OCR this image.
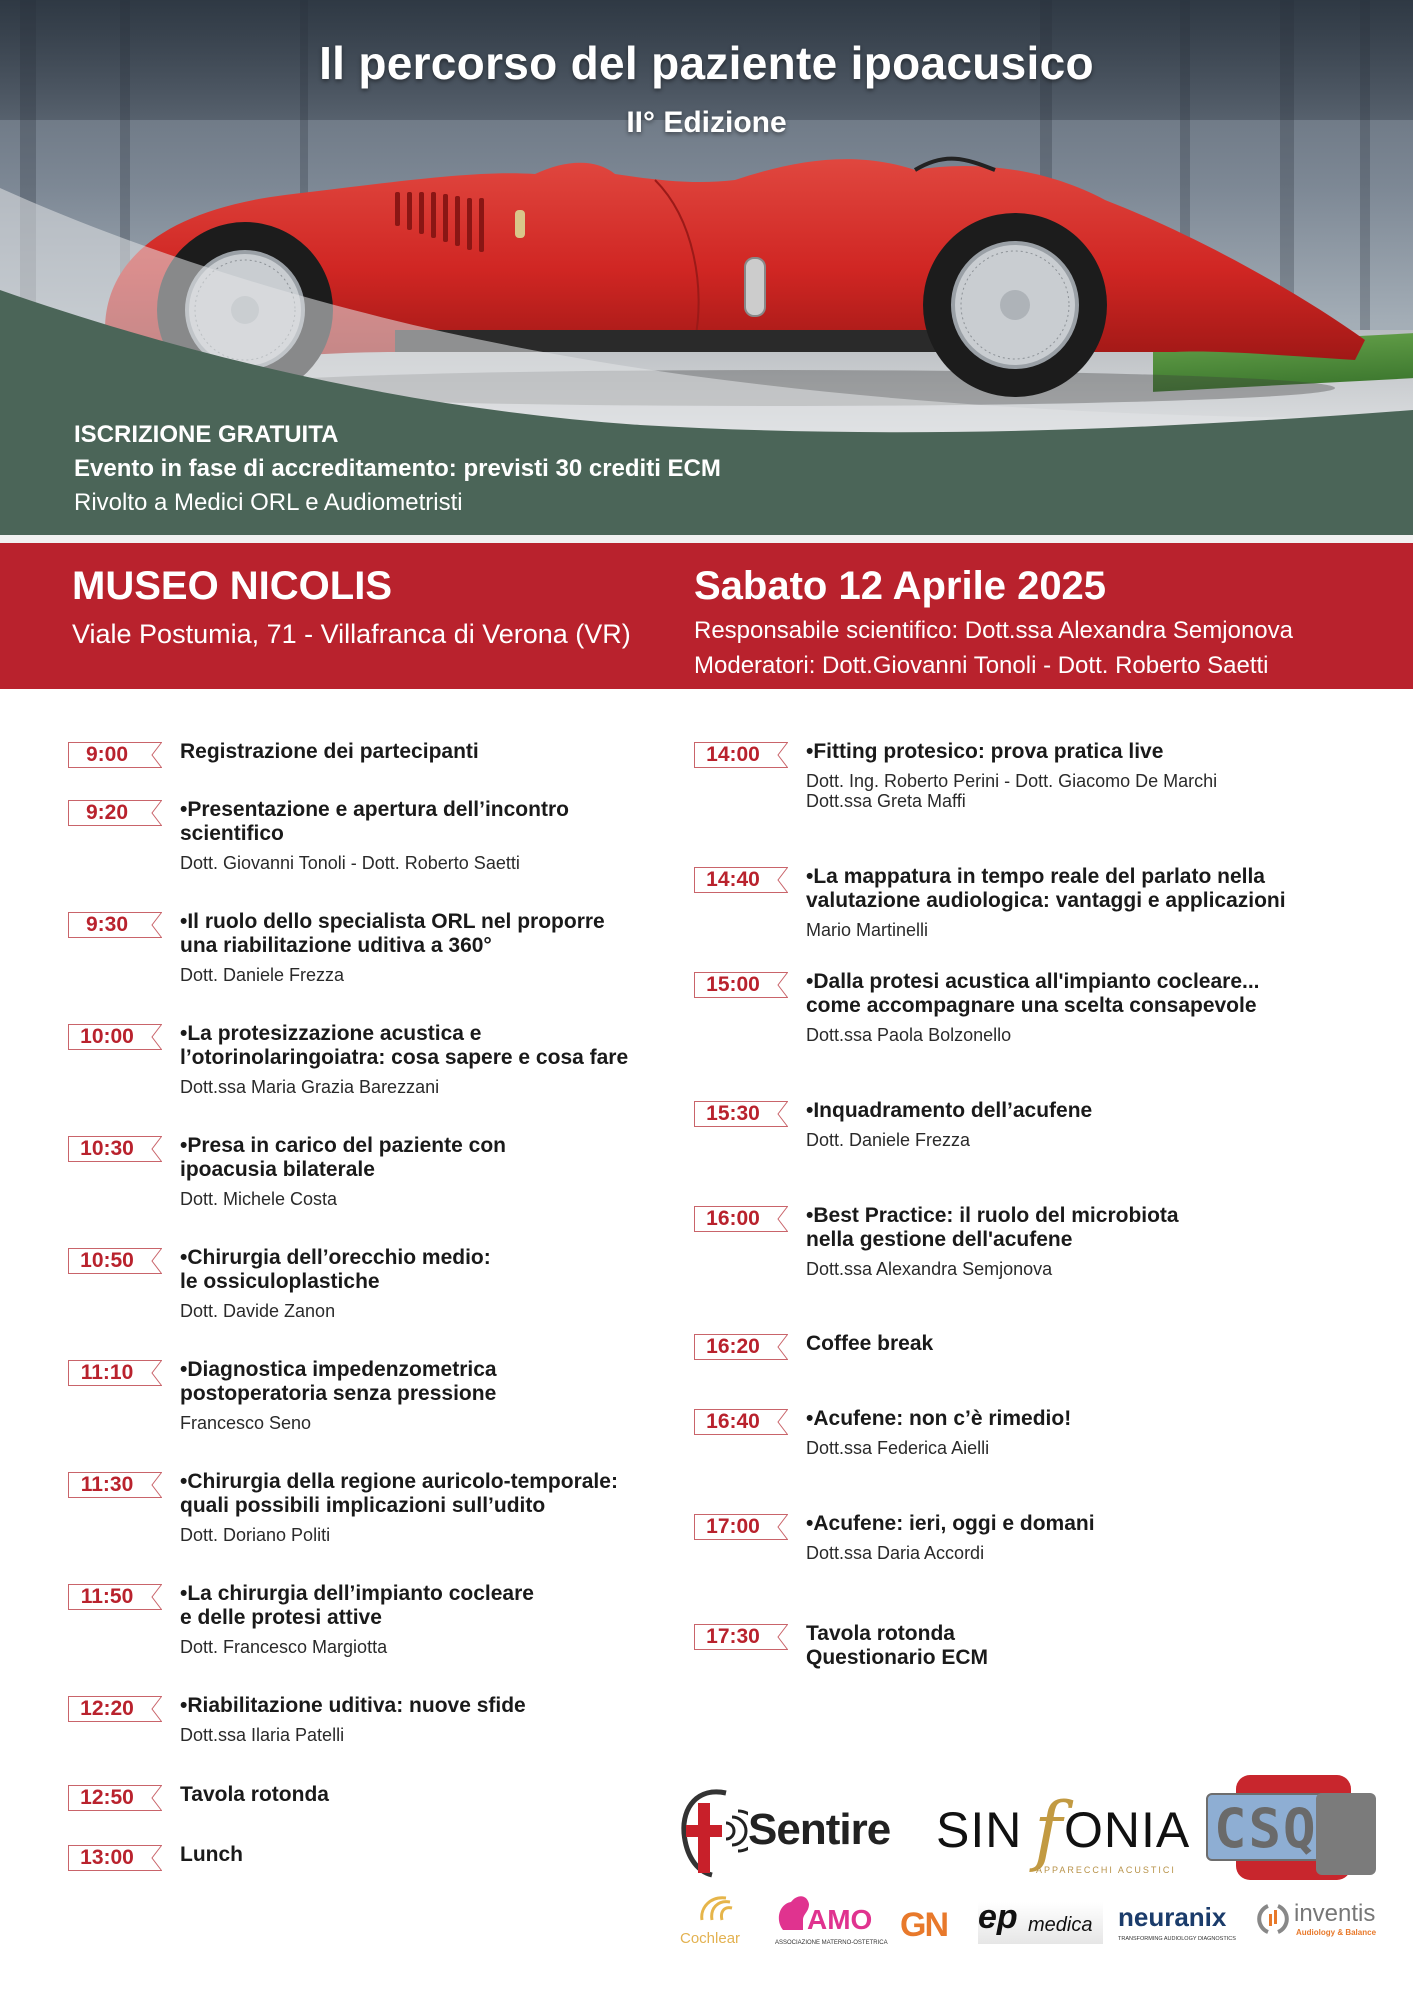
Il percorso del paziente ipoacusico
II° Edizione
ISCRIZIONE GRATUITA
Evento in fase di accreditamento: previsti 30 crediti ECM
Rivolto a Medici ORL e Audiometristi
MUSEO NICOLIS
Viale Postumia, 71 - Villafranca di Verona (VR)
Sabato 12 Aprile 2025
Responsabile scientifico: Dott.ssa Alexandra Semjonova
Moderatori: Dott.Giovanni Tonoli - Dott. Roberto Saetti
9:00	Registrazione dei partecipanti
9:20	•Presentazione e apertura dell’incontro
scientifico
Dott. Giovanni Tonoli - Dott. Roberto Saetti
9:30	•Il ruolo dello specialista ORL nel proporre
una riabilitazione uditiva a 360°
Dott. Daniele Frezza
10:00	•La protesizzazione acustica e
l’otorinolaringoiatra: cosa sapere e cosa fare
Dott.ssa Maria Grazia Barezzani
10:30	•Presa in carico del paziente con
ipoacusia bilaterale
Dott. Michele Costa
10:50	•Chirurgia dell’orecchio medio:
le ossiculoplastiche
Dott. Davide Zanon
11:10	•Diagnostica impedenzometrica
postoperatoria senza pressione
Francesco Seno
11:30	•Chirurgia della regione auricolo-temporale:
quali possibili implicazioni sull’udito
Dott. Doriano Politi
11:50	•La chirurgia dell’impianto cocleare
e delle protesi attive
Dott. Francesco Margiotta
12:20	•Riabilitazione uditiva: nuove sfide
Dott.ssa Ilaria Patelli
12:50	Tavola rotonda
13:00	Lunch
14:00	•Fitting protesico: prova pratica live
Dott. Ing. Roberto Perini - Dott. Giacomo De Marchi
Dott.ssa Greta Maffi
14:40	•La mappatura in tempo reale del parlato nella
valutazione audiologica: vantaggi e applicazioni
Mario Martinelli
15:00	•Dalla protesi acustica all'impianto cocleare...
come accompagnare una scelta consapevole
Dott.ssa Paola Bolzonello
15:30	•Inquadramento dell’acufene
Dott. Daniele Frezza
16:00	•Best Practice: il ruolo del microbiota
nella gestione dell'acufene
Dott.ssa Alexandra Semjonova
16:20	Coffee break
16:40	•Acufene: non c’è rimedio!
Dott.ssa Federica Aielli
17:00	•Acufene: ieri, oggi e domani
Dott.ssa Daria Accordi
17:30	Tavola rotonda
Questionario ECM
Sentire SIN f ONIA
APPARECCHI ACUSTICI
CSQ
Cochlear
AMO
ASSOCIAZIONE MATERNO-OSTETRICA GN ep medica neuranix
TRANSFORMING AUDIOLOGY DIAGNOSTICS
inventis
Audiology & Balance
